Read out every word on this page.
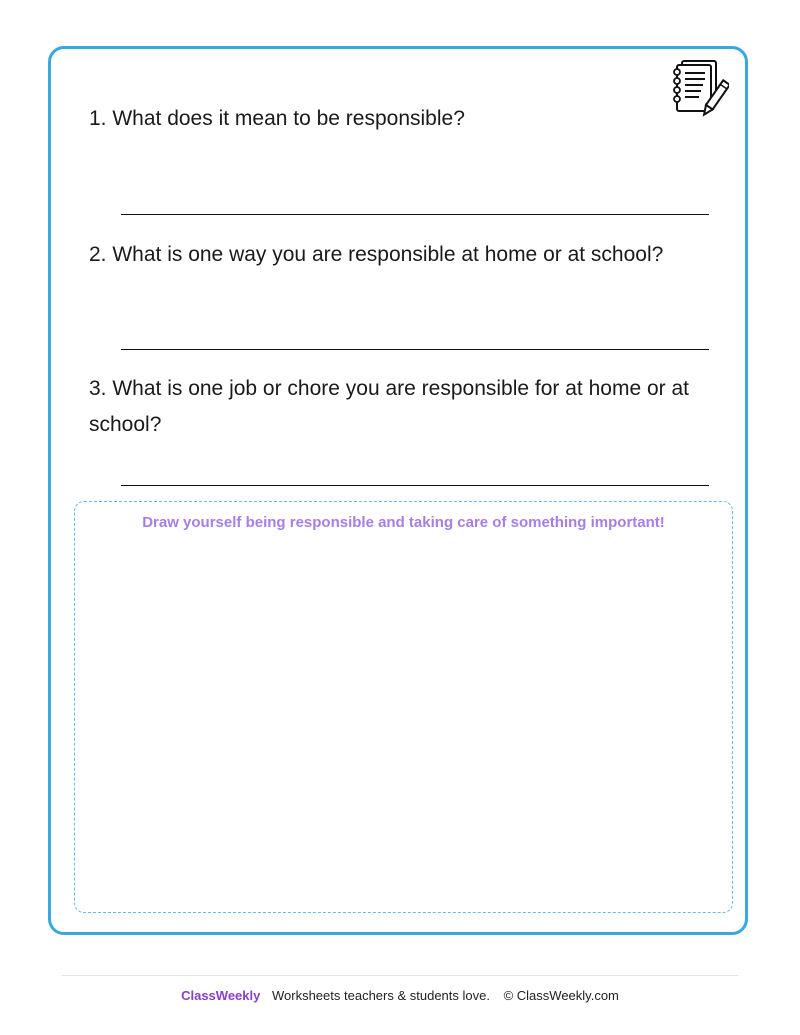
1. What does it mean to be responsible?

2. What is one way you are responsible at home or at school?

3. What is one job or chore you are responsible for at home or at school?

Draw yourself being responsible and taking care of something important!

ClassWeekly Worksheets teachers & students love. © ClassWeekly.com
